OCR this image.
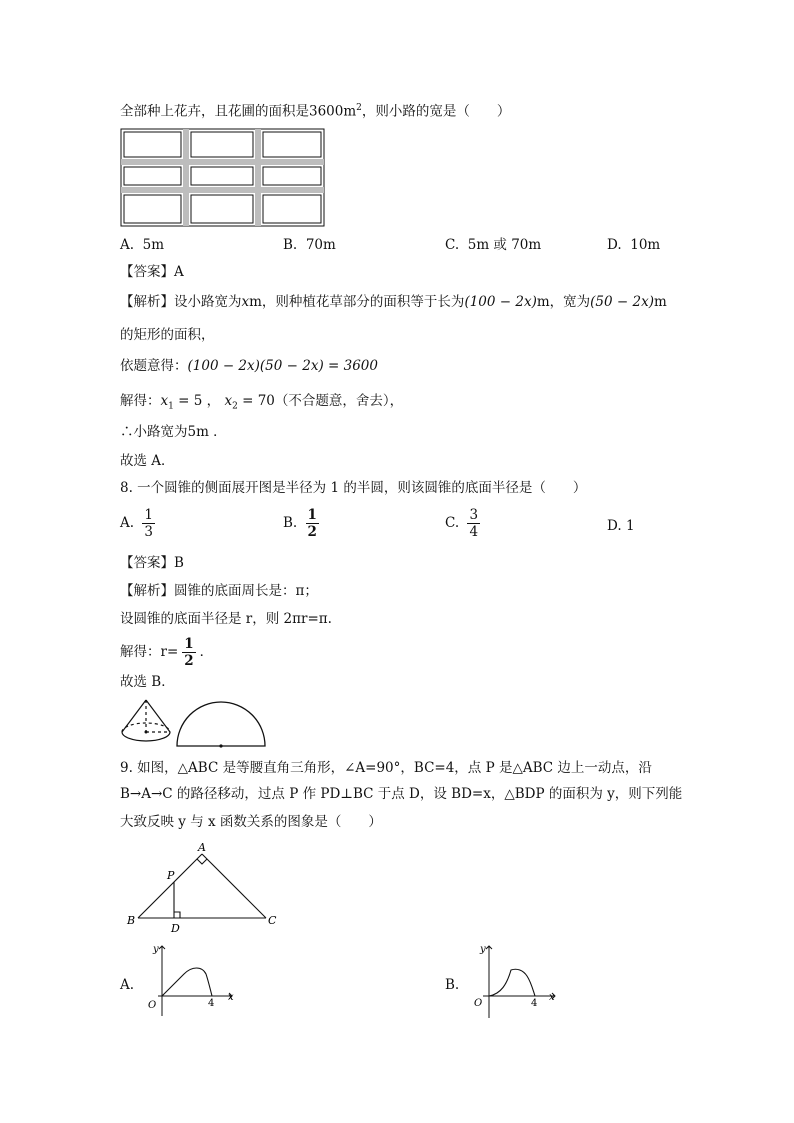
全部种上花卉，且花圃的面积是$3600m^2$，则小路的宽是（　　）
A. 5m	B. 70m	C. 5m 或 70m	D. 10m
【答案】A
【解析】设小路宽为xm，则种植花草部分的面积等于长为(100 − 2x)m，宽为(50 − 2x)m
的矩形的面积，
依题意得：(100 − 2x)(50 − 2x) = 3600
解得：$x_1 = 5$ ， $x_2 = 70$（不合题意，舍去），
∴小路宽为5m ．
故选 A．
8. 一个圆锥的侧面展开图是半径为 1 的半圆，则该圆锥的底面半径是（　　）
A. $\frac{1}{3}$	B. $\frac{1}{2}$	C. $\frac{3}{4}$	D. 1
【答案】B
【解析】圆锥的底面周长是：π；
设圆锥的底面半径是 r，则 2πr=π.
解得：$r= \frac{1}{2}$ ．
故选 B．
9. 如图，△ABC 是等腰直角三角形，∠A=90°，BC=4，点 P 是△ABC 边上一动点，沿
B→A→C 的路径移动，过点 P 作 PD⊥BC 于点 D，设 BD=x，△BDP 的面积为 y，则下列能
大致反映 y 与 x 函数关系的图象是（　　）
A
B	C
P
D
A.
y
O
x
4
B.
y
O
x
4
